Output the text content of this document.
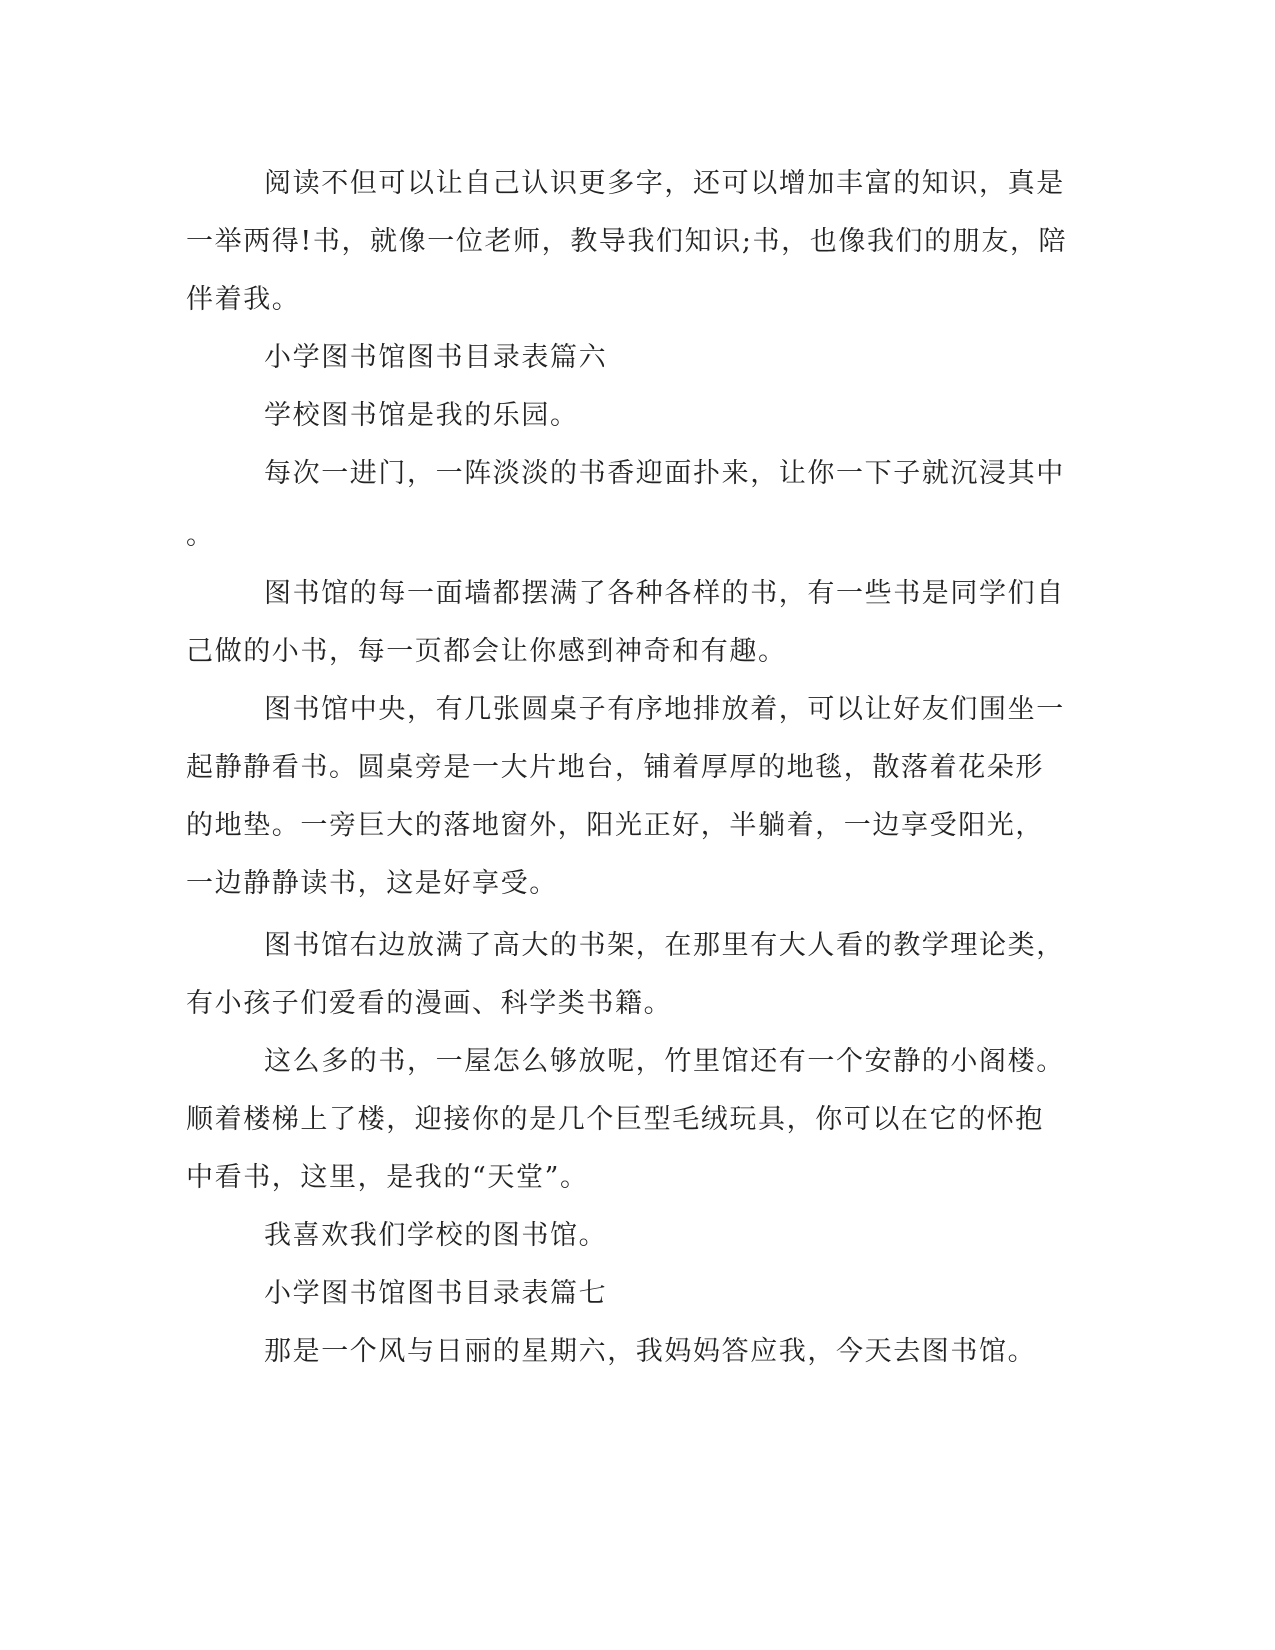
阅读不但可以让自己认识更多字，还可以增加丰富的知识，真是
一举两得!书，就像一位老师，教导我们知识;书，也像我们的朋友，陪
伴着我。
小学图书馆图书目录表篇六
学校图书馆是我的乐园。
每次一进门，一阵淡淡的书香迎面扑来，让你一下子就沉浸其中
。
图书馆的每一面墙都摆满了各种各样的书，有一些书是同学们自
己做的小书，每一页都会让你感到神奇和有趣。
图书馆中央，有几张圆桌子有序地排放着，可以让好友们围坐一
起静静看书。圆桌旁是一大片地台，铺着厚厚的地毯，散落着花朵形
的地垫。一旁巨大的落地窗外，阳光正好，半躺着，一边享受阳光，
一边静静读书，这是好享受。
图书馆右边放满了高大的书架，在那里有大人看的教学理论类，
有小孩子们爱看的漫画、科学类书籍。
这么多的书，一屋怎么够放呢，竹里馆还有一个安静的小阁楼。
顺着楼梯上了楼，迎接你的是几个巨型毛绒玩具，你可以在它的怀抱
中看书，这里，是我的“天堂”。
我喜欢我们学校的图书馆。
小学图书馆图书目录表篇七
那是一个风与日丽的星期六，我妈妈答应我，今天去图书馆。
